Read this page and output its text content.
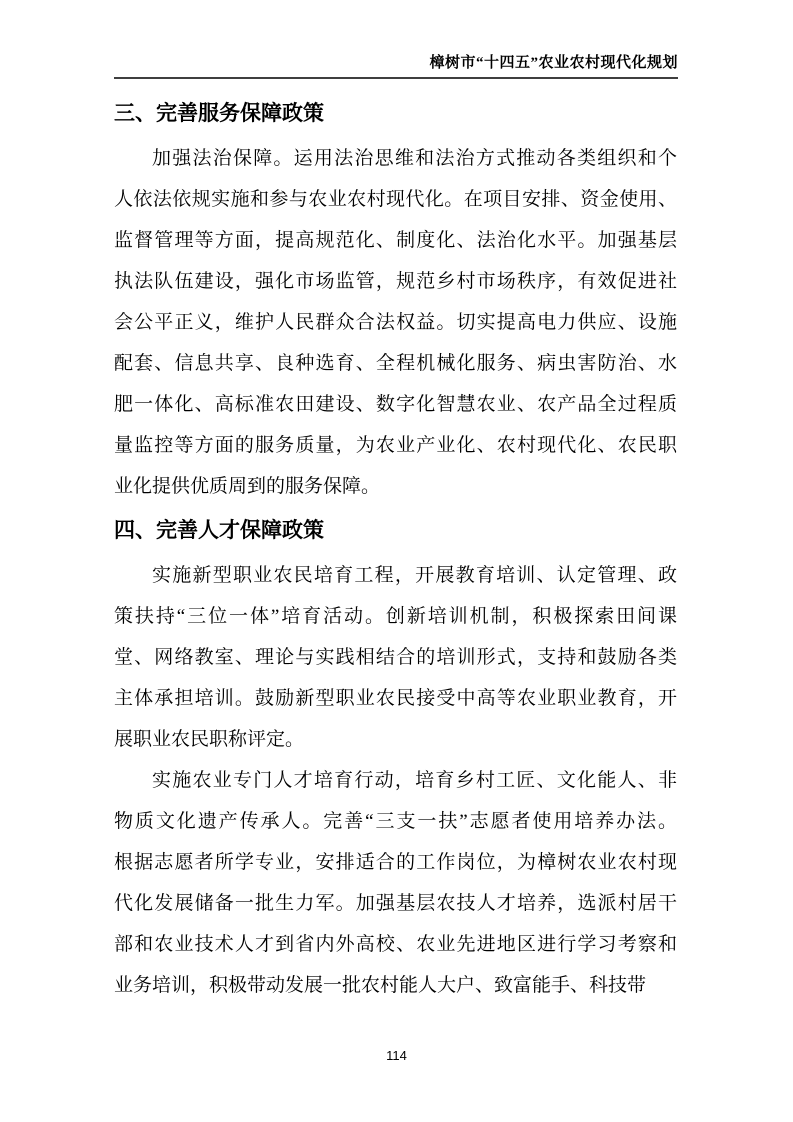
樟树市“十四五”农业农村现代化规划
三、完善服务保障政策
加强法治保障。运用法治思维和法治方式推动各类组织和个
人依法依规实施和参与农业农村现代化。在项目安排、资金使用、
监督管理等方面，提高规范化、制度化、法治化水平。加强基层
执法队伍建设，强化市场监管，规范乡村市场秩序，有效促进社
会公平正义，维护人民群众合法权益。切实提高电力供应、设施
配套、信息共享、良种选育、全程机械化服务、病虫害防治、水
肥一体化、高标准农田建设、数字化智慧农业、农产品全过程质
量监控等方面的服务质量，为农业产业化、农村现代化、农民职
业化提供优质周到的服务保障。
四、完善人才保障政策
实施新型职业农民培育工程，开展教育培训、认定管理、政
策扶持“三位一体”培育活动。创新培训机制，积极探索田间课
堂、网络教室、理论与实践相结合的培训形式，支持和鼓励各类
主体承担培训。鼓励新型职业农民接受中高等农业职业教育，开
展职业农民职称评定。
实施农业专门人才培育行动，培育乡村工匠、文化能人、非
物质文化遗产传承人。完善“三支一扶”志愿者使用培养办法。
根据志愿者所学专业，安排适合的工作岗位，为樟树农业农村现
代化发展储备一批生力军。加强基层农技人才培养，选派村居干
部和农业技术人才到省内外高校、农业先进地区进行学习考察和
业务培训，积极带动发展一批农村能人大户、致富能手、科技带
114
